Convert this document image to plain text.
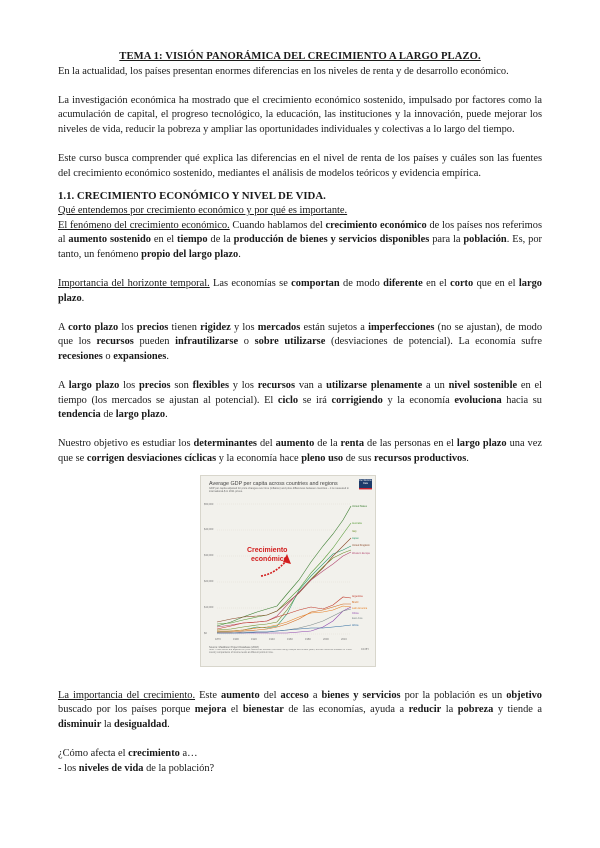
TEMA 1: VISIÓN PANORÁMICA DEL CRECIMIENTO A LARGO PLAZO.

En la actualidad, los países presentan enormes diferencias en los niveles de renta y de desarrollo económico.

La investigación económica ha mostrado que el crecimiento económico sostenido, impulsado por factores como la acumulación de capital, el progreso tecnológico, la educación, las instituciones y la innovación, puede mejorar los niveles de vida, reducir la pobreza y ampliar las oportunidades individuales y colectivas a lo largo del tiempo.

Este curso busca comprender qué explica las diferencias en el nivel de renta de los países y cuáles son las fuentes del crecimiento económico sostenido, mediantes el análisis de modelos teóricos y evidencia empírica.

1.1. CRECIMIENTO ECONÓMICO Y NIVEL DE VIDA.

Qué entendemos por crecimiento económico y por qué es importante.

El fenómeno del crecimiento económico. Cuando hablamos del crecimiento económico de los países nos referimos al aumento sostenido en el tiempo de la producción de bienes y servicios disponibles para la población. Es, por tanto, un fenómeno propio del largo plazo.

Importancia del horizonte temporal. Las economías se comportan de modo diferente en el corto que en el largo plazo.

A corto plazo los precios tienen rigidez y los mercados están sujetos a imperfecciones (no se ajustan), de modo que los recursos pueden infrautilizarse o sobre utilizarse (desviaciones de potencial). La economía sufre recesiones o expansiones.

A largo plazo los precios son flexibles y los recursos van a utilizarse plenamente a un nivel sostenible en el tiempo (los mercados se ajustan al potencial). El ciclo se irá corrigiendo y la economía evoluciona hacia su tendencia de largo plazo.

Nuestro objetivo es estudiar los determinantes del aumento de la renta de las personas en el largo plazo una vez que se corrigen desviaciones cíclicas y la economía hace pleno uso de sus recursos productivos.

Average GDP per capita across countries and regions
GDP per capita adjusted for price changes over time (inflation) and price differences between countries – it is measured in international-$ in 2011 prices.
Our World in Data
$50,000
$40,000
$30,000
$20,000
$10,000
$0
United States
Australia
Italy
Japan
United Kingdom
Argentina
Western Europe
Brazil
Latin America
China
East Asia
Africa
1870	1900	1920	1940	1960	1980	2000	2016
Crecimiento
económico
Source: Maddison Project Database (2018)
Note: These series are adjusted for price differences between countries using multiple benchmark years, and are therefore suitable for cross-country comparisons of income levels at different points in time.
CC BY

La importancia del crecimiento. Este aumento del acceso a bienes y servicios por la población es un objetivo buscado por los países porque mejora el bienestar de las economías, ayuda a reducir la pobreza y tiende a disminuir la desigualdad.

¿Cómo afecta el crecimiento a…

- los niveles de vida de la población?
